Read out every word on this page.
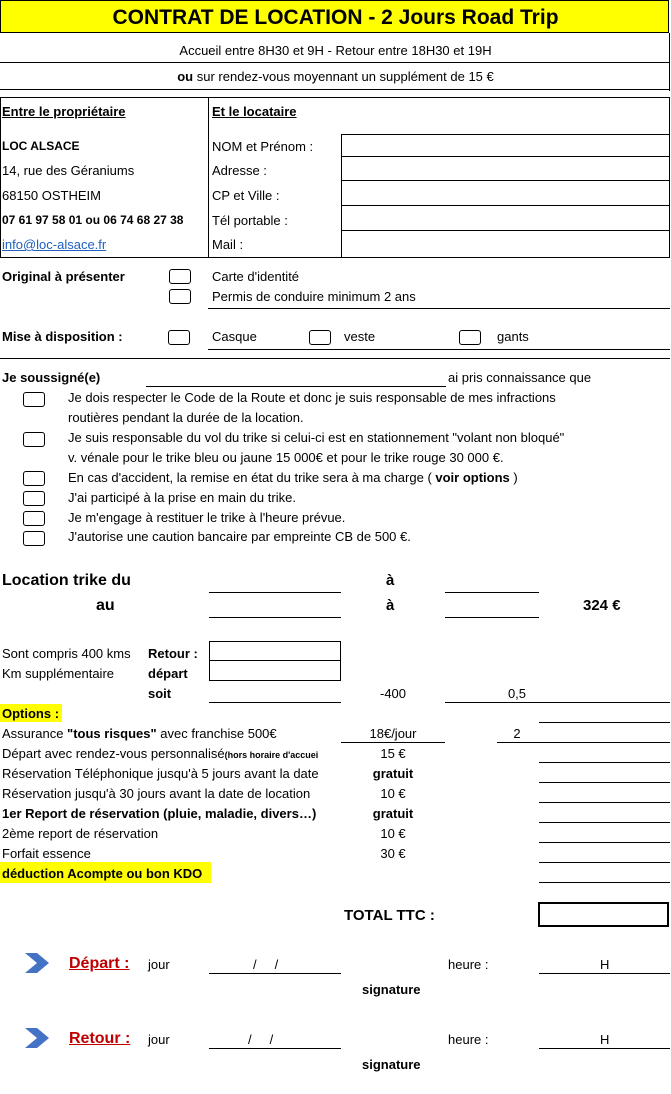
CONTRAT DE LOCATION - 2 Jours Road Trip
Accueil entre 8H30 et 9H - Retour entre 18H30 et 19H
ou sur rendez-vous moyennant un supplément de 15 €
Entre le propriétaire	Et le locataire
LOC ALSACE
14, rue des Géraniums
68150 OSTHEIM
07 61 97 58 01 ou 06 74 68 27 38
info@loc-alsace.fr
NOM et Prénom :
Adresse :
CP et Ville :
Tél portable :
Mail :
Original à présenter	Carte d'identité
Permis de conduire minimum 2 ans
Mise à disposition :	Casque	veste	gants
Je soussigné(e)	ai pris connaissance que
Je dois respecter le Code de la Route et donc je suis responsable de mes infractions
routières pendant la durée de la location.
Je suis responsable du vol du trike si celui-ci est en stationnement "volant non bloqué"
v. vénale pour le trike bleu ou jaune 15 000€ et pour le trike rouge 30 000 €.
En cas d'accident, la remise en état du trike sera à ma charge ( voir options )
J'ai participé à la prise en main du trike.
Je m'engage à restituer le trike à l'heure prévue.
J'autorise une caution bancaire par empreinte CB de 500 €.
Location trike du	à
au	à	324 €
Sont compris 400 kms Retour :
Km supplémentaire	départ
soit	-400	0,5
Options :
Assurance "tous risques" avec franchise 500€	18€/jour	2
Départ avec rendez-vous personnalisé(hors horaire d'accuei	15 €
Réservation Téléphonique jusqu'à 5 jours avant la date	gratuit
Réservation jusqu'à 30 jours avant la date de location	10 €
1er Report de réservation (pluie, maladie, divers…)	gratuit
2ème report de réservation	10 €
Forfait essence	30 €
déduction Acompte ou bon KDO
TOTAL TTC :
Départ : jour	/     /	heure :	H
signature
Retour : jour	/     /	heure :	H
signature
